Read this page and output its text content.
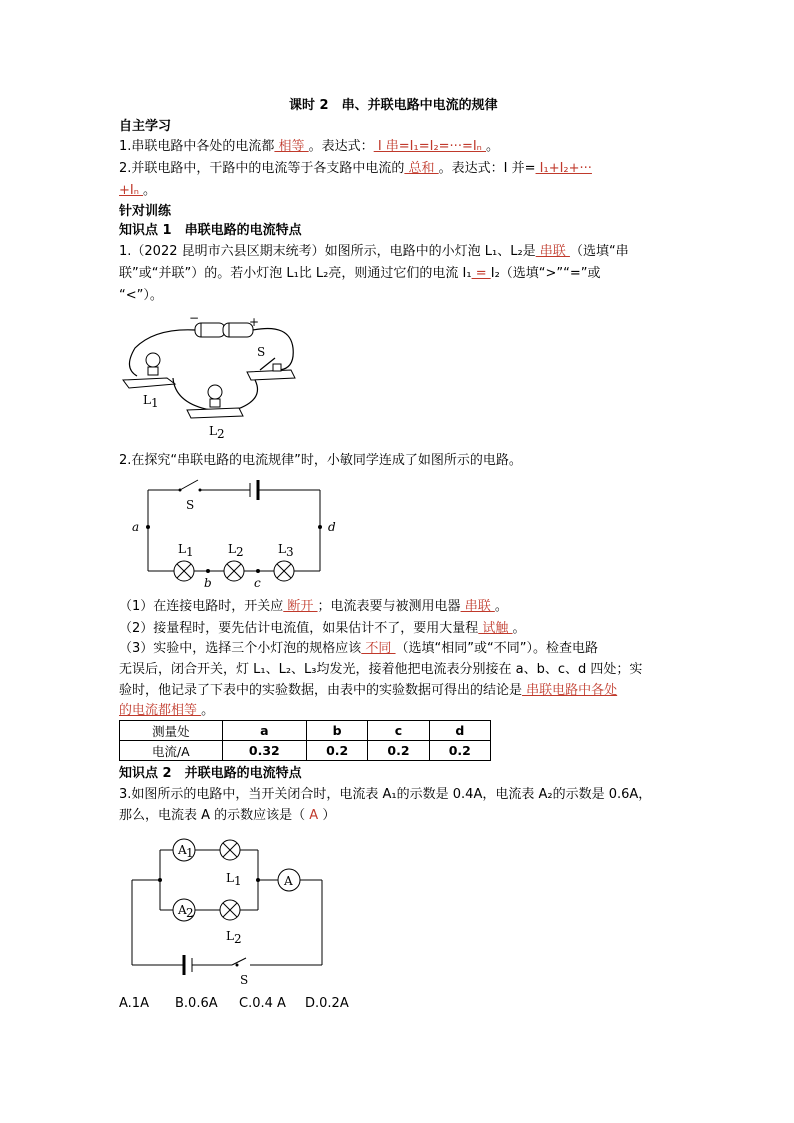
课时 2　串、并联电路中电流的规律
自主学习
1.串联电路中各处的电流都 相等 。表达式： I 串=I₁=I₂=···=Iₙ 。
2.并联电路中，干路中的电流等于各支路中电流的 总和 。表达式：I 并= I₁+I₂+···
+Iₙ 。
针对训练
知识点 1　串联电路的电流特点
1.（2022 昆明市六县区期末统考）如图所示，电路中的小灯泡 L₁、L₂是 串联 （选填“串
联”或“并联”）的。若小灯泡 L₁比 L₂亮，则通过它们的电流 I₁ = I₂（选填“>”“=”或
“<”）。
2.在探究“串联电路的电流规律”时，小敏同学连成了如图所示的电路。
（1）在连接电路时，开关应 断开 ；电流表要与被测用电器 串联 。
（2）接量程时，要先估计电流值，如果估计不了，要用大量程 试触 。
（3）实验中，选择三个小灯泡的规格应该 不同 （选填“相同”或“不同”）。检查电路
无误后，闭合开关，灯 L₁、L₂、L₃均发光，接着他把电流表分别接在 a、b、c、d 四处；实
验时，他记录了下表中的实验数据，由表中的实验数据可得出的结论是 串联电路中各处
的电流都相等 。
测量处	a	b	c	d
电流/A	0.32	0.2	0.2	0.2
知识点 2　并联电路的电流特点
3.如图所示的电路中，当开关闭合时，电流表 A₁的示数是 0.4A，电流表 A₂的示数是 0.6A，
那么，电流表 A 的示数应该是（ A ）
A.1A B.0.6A C.0.4 A D.0.2A
−	+
L 1
S
L 2
S
a	d
b	c
L 1	L 2	L 3
S
A 1
A 2
A
L 1
L 2
